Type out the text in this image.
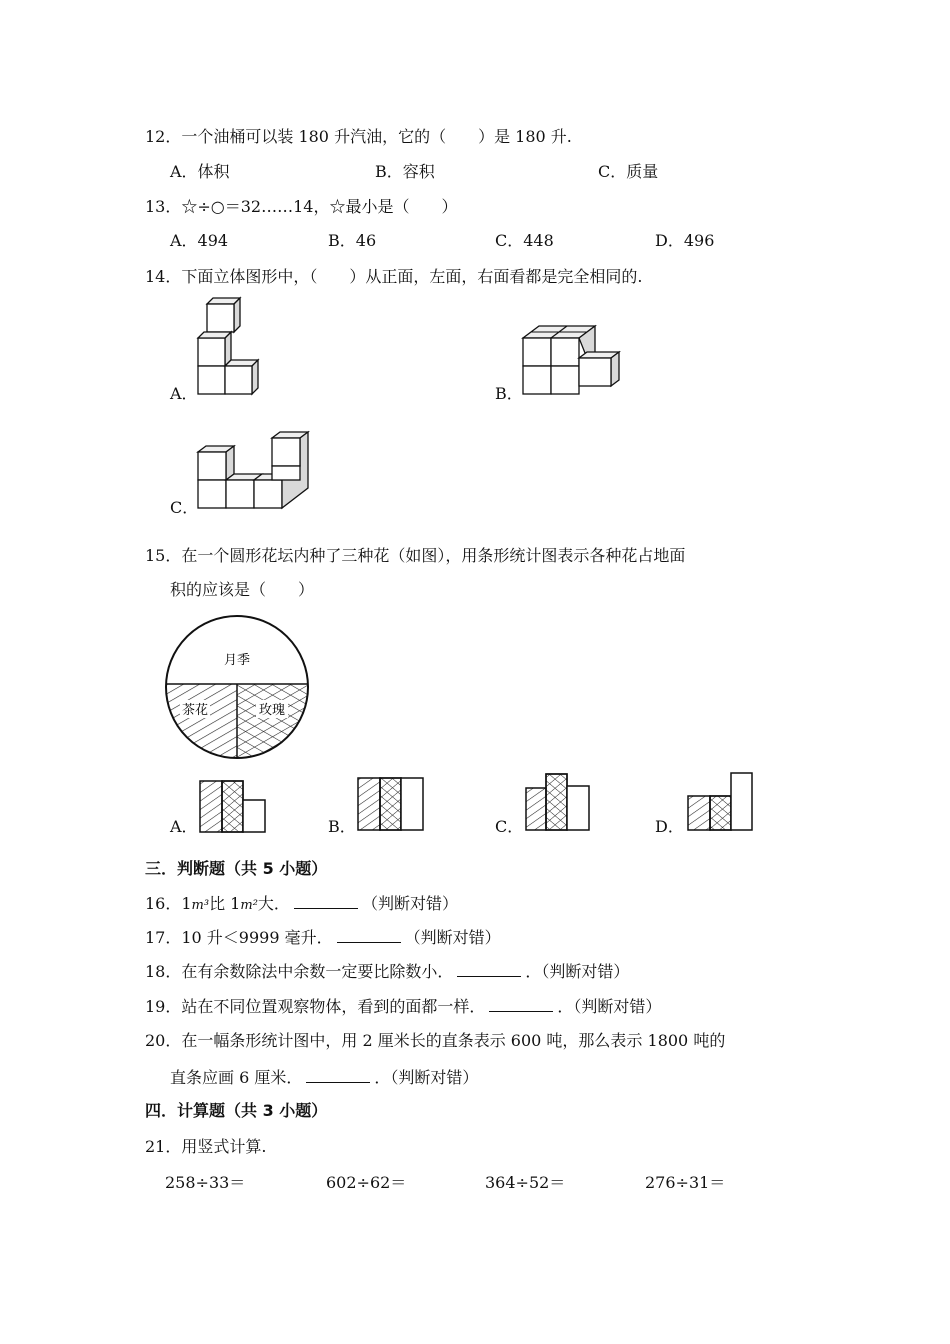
12．一个油桶可以装 180 升汽油，它的（　　）是 180 升.
A．体积	B．容积	C．质量
13．☆÷○＝32……14，☆最小是（　　）
A．494	B．46	C．448	D．496
14．下面立体图形中，（　　）从正面，左面，右面看都是完全相同的.
A．	B．
C．
15．在一个圆形花坛内种了三种花（如图），用条形统计图表示各种花占地面
积的应该是（　　）
月季
茶花	玫瑰
A．	B．	C．	D．
三．判断题（共 5 小题）
16．1m³比 1m²大．	（判断对错）
17．10 升＜9999 毫升．	（判断对错）
18．在有余数除法中余数一定要比除数小．	．（判断对错）
19．站在不同位置观察物体，看到的面都一样．	．（判断对错）
20．在一幅条形统计图中，用 2 厘米长的直条表示 600 吨，那么表示 1800 吨的
直条应画 6 厘米．	．（判断对错）
四．计算题（共 3 小题）
21．用竖式计算.
258÷33＝	602÷62＝	364÷52＝	276÷31＝
